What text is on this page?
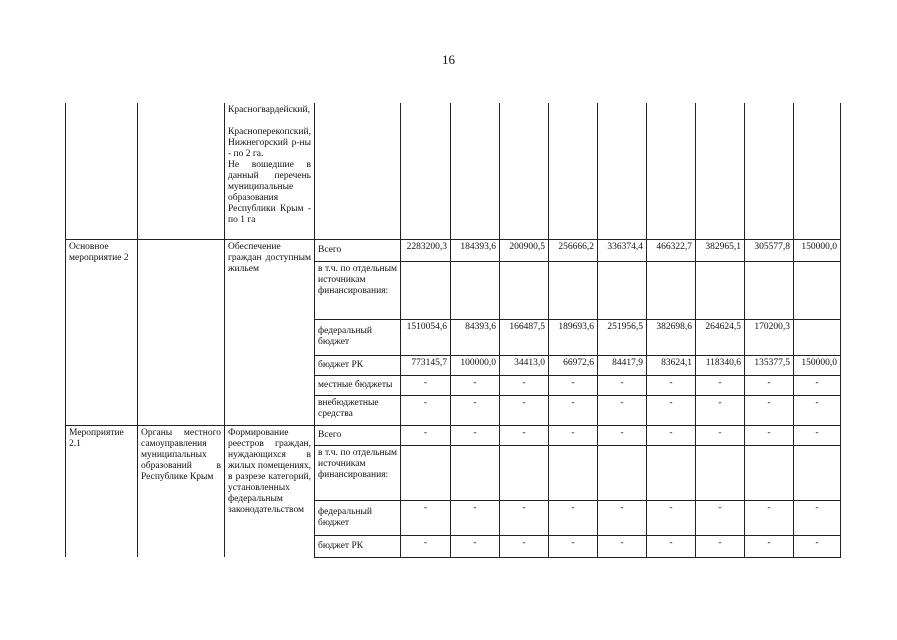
16
		Красногвардейский,

Красноперекопский,
Нижнегорский р-ны - по 2 га.
Не вошедшие в данный перечень муниципальные образования Республики Крым - по 1 га										
Основное мероприятие 2		Обеспечение граждан доступным жильем	Всего	2283200,3	184393,6	200900,5	256666,2	336374,4	466322,7	382965,1	305577,8	150000,0
			в т.ч. по отдельным источникам финансирования:									
			федеральный бюджет	1510054,6	84393,6	166487,5	189693,6	251956,5	382698,6	264624,5	170200,3	
			бюджет РК	773145,7	100000,0	34413,0	66972,6	84417,9	83624,1	118340,6	135377,5	150000,0
			местные бюджеты	-	-	-	-	-	-	-	-	-
			внебюджетные средства	-	-	-	-	-	-	-	-	-
Мероприятие 2.1	Органы местного самоуправления муниципальных образований в Республике Крым	Формирование реестров граждан, нуждающихся в жилых помещениях, в разрезе категорий, установленных федеральным законодательством	Всего	-	-	-	-	-	-	-	-	-
			в т.ч. по отдельным источникам финансирования:									
			федеральный бюджет	-	-	-	-	-	-	-	-	-
			бюджет РК	-	-	-	-	-	-	-	-	-
